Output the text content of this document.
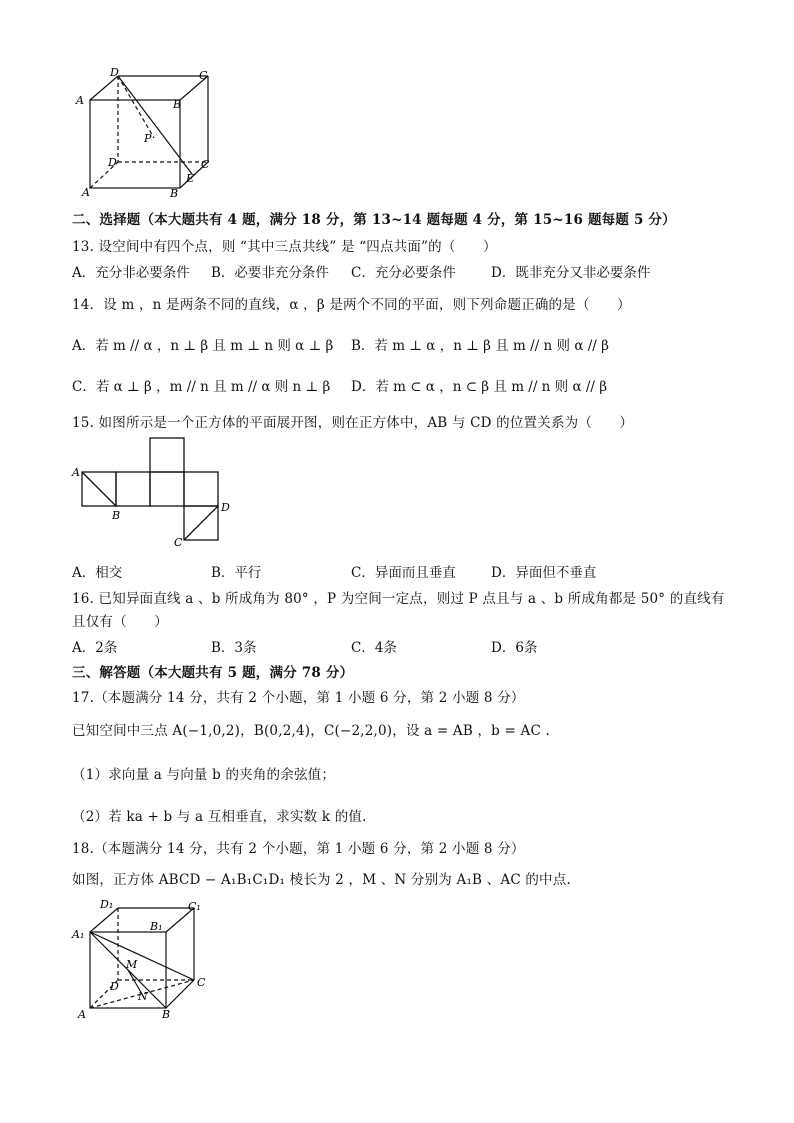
D	C
A	B
P
D	C
E
A	B
二、选择题（本大题共有 4 题，满分 18 分，第 13~14 题每题 4 分，第 15~16 题每题 5 分）
13. 设空间中有四个点，则 “其中三点共线” 是 “四点共面”的（　　）
A．充分非必要条件 B．必要非充分条件 C．充分必要条件	D．既非充分又非必要条件
14．设 m ，n 是两条不同的直线，α ，β 是两个不同的平面，则下列命题正确的是（　　）
A．若 m // α ，n ⊥ β 且 m ⊥ n 则 α ⊥ β B．若 m ⊥ α ，n ⊥ β 且 m // n 则 α // β
C．若 α ⊥ β ，m // n 且 m // α 则 n ⊥ β D．若 m ⊂ α ，n ⊂ β 且 m // n 则 α // β
15. 如图所示是一个正方体的平面展开图，则在正方体中，AB 与 CD 的位置关系为（　　）
A
B
C
D
A．相交	B．平行	C．异面而且垂直	D．异面但不垂直
16. 已知异面直线 a 、b 所成角为 80° ，P 为空间一定点，则过 P 点且与 a 、b 所成角都是 50° 的直线有
且仅有（　　）
A．2条	B．3条	C．4条	D．6条
三、解答题（本大题共有 5 题，满分 78 分）
17.（本题满分 14 分，共有 2 个小题，第 1 小题 6 分，第 2 小题 8 分）
已知空间中三点 A(−1,0,2)，B(0,2,4)，C(−2,2,0)，设 a = AB ，b = AC .
（1）求向量 a 与向量 b 的夹角的余弦值；
（2）若 ka + b 与 a 互相垂直，求实数 k 的值.
18.（本题满分 14 分，共有 2 个小题，第 1 小题 6 分，第 2 小题 8 分）
如图，正方体 ABCD − A₁B₁C₁D₁ 棱长为 2 ，M 、N 分别为 A₁B 、AC 的中点.
D₁	C₁
A₁
B₁
M
D	C
N
A	B
